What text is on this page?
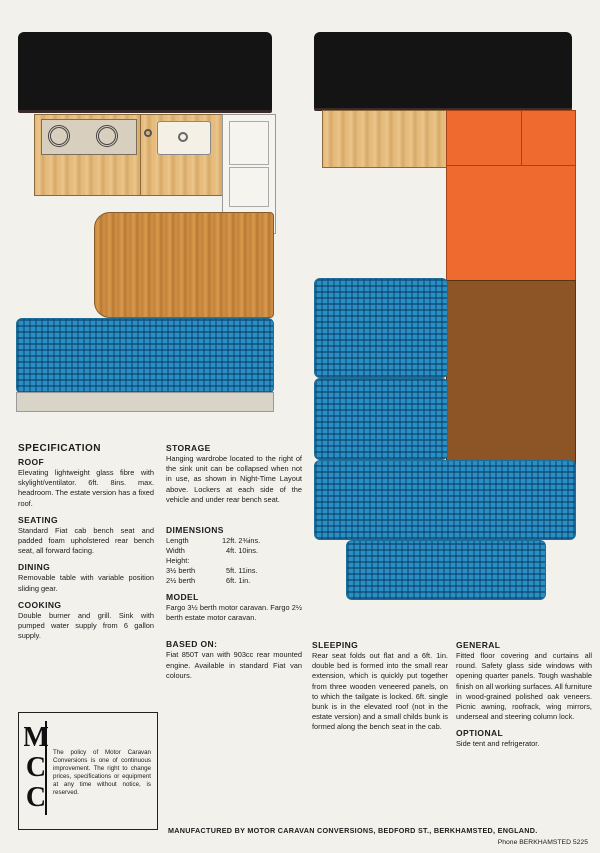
SPECIFICATION
ROOF
Elevating lightweight glass fibre with skylight/ventilator. 6ft. 8ins. max. headroom. The estate version has a fixed roof.
SEATING
Standard Fiat cab bench seat and padded foam upholstered rear bench seat, all forward facing.
DINING
Removable table with variable position sliding gear.
COOKING
Double burner and grill. Sink with pumped water supply from 6 gallon supply.
M
C
C
The policy of Motor Caravan Conversions is one of continuous improvement. The right to change prices, specifications or equipment at any time without notice, is reserved.
STORAGE
Hanging wardrobe located to the right of the sink unit can be collapsed when not in use, as shown in Night-Time Layout above. Lockers at each side of the vehicle and under rear bench seat.
DIMENSIONS
Length	12ft. 2⅜ins.
Width	4ft. 10ins.
Height:	
3½ berth	5ft. 11ins.
2½ berth	6ft. 1in.
MODEL
Fargo 3½ berth motor caravan. Fargo 2½ berth estate motor caravan.
BASED ON:
Fiat 850T van with 903cc rear mounted engine. Available in standard Fiat van colours.
SLEEPING
Rear seat folds out flat and a 6ft. 1in. double bed is formed into the small rear extension, which is quickly put together from three wooden veneered panels, on to which the tailgate is locked. 6ft. single bunk is in the elevated roof (not in the estate version) and a small childs bunk is formed along the bench seat in the cab.
GENERAL
Fitted floor covering and curtains all round. Safety glass side windows with opening quarter panels. Tough washable finish on all working surfaces. All furniture in wood-grained polished oak veneers. Picnic awning, roofrack, wing mirrors, underseal and steering column lock.
OPTIONAL
Side tent and refrigerator.
MANUFACTURED BY MOTOR CARAVAN CONVERSIONS, BEDFORD ST., BERKHAMSTED, ENGLAND.
Phone BERKHAMSTED 5225
